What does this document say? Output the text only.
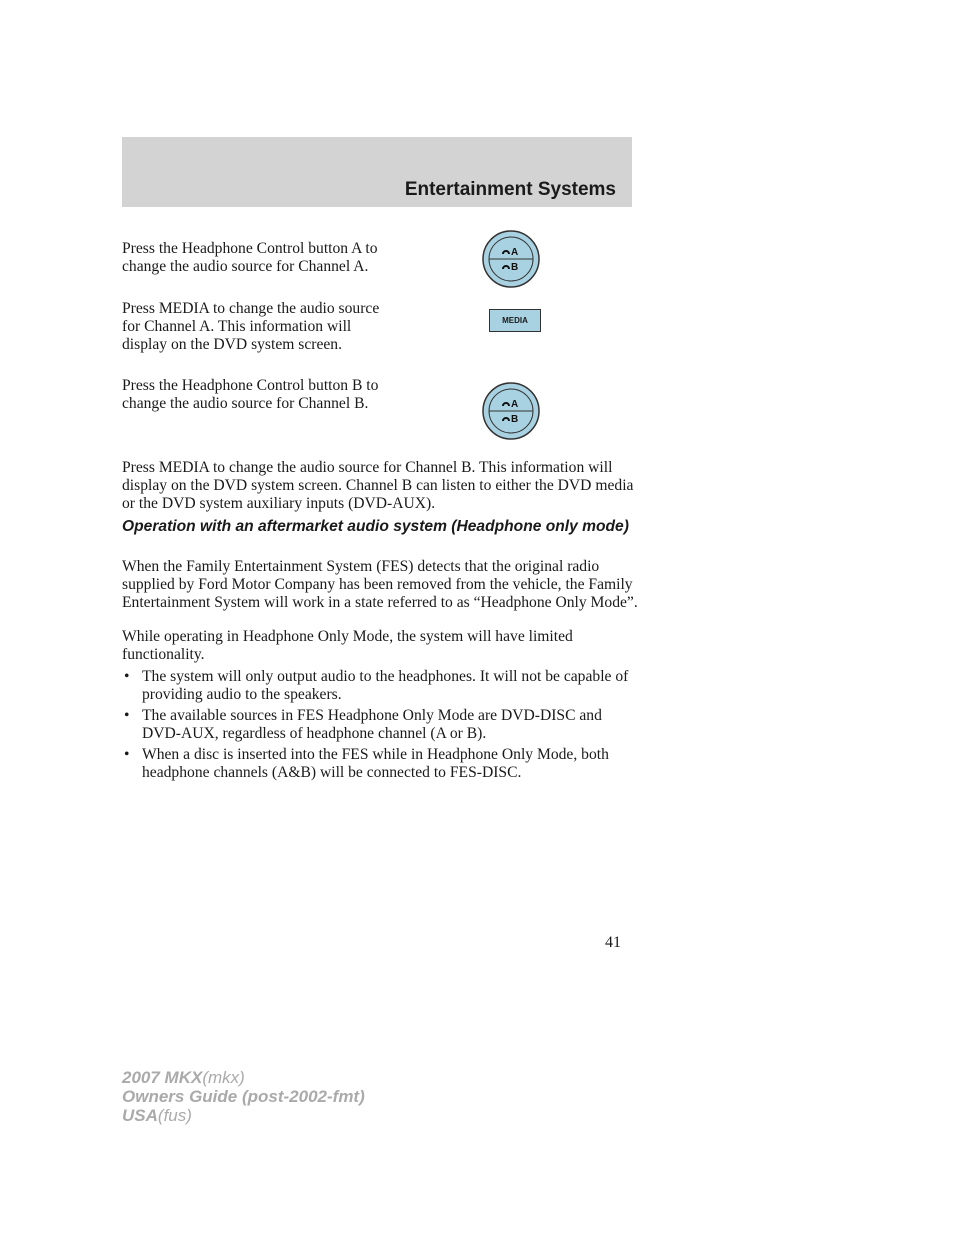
Entertainment Systems

Press the Headphone Control button A to change the audio source for Channel A.

A
B

Press MEDIA to change the audio source for Channel A. This information will display on the DVD system screen.

MEDIA

Press the Headphone Control button B to change the audio source for Channel B.	A
B

Press MEDIA to change the audio source for Channel B. This information will display on the DVD system screen. Channel B can listen to either the DVD media or the DVD system auxiliary inputs (DVD-AUX).

Operation with an aftermarket audio system (Headphone only mode)

When the Family Entertainment System (FES) detects that the original radio supplied by Ford Motor Company has been removed from the vehicle, the Family Entertainment System will work in a state referred to as “Headphone Only Mode”.

While operating in Headphone Only Mode, the system will have limited functionality.

• The system will only output audio to the headphones. It will not be capable of providing audio to the speakers.

• The available sources in FES Headphone Only Mode are DVD-DISC and DVD-AUX, regardless of headphone channel (A or B).

• When a disc is inserted into the FES while in Headphone Only Mode, both headphone channels (A&B) will be connected to FES-DISC.

41
2007 MKX(mkx)
Owners Guide (post-2002-fmt)
USA(fus)
